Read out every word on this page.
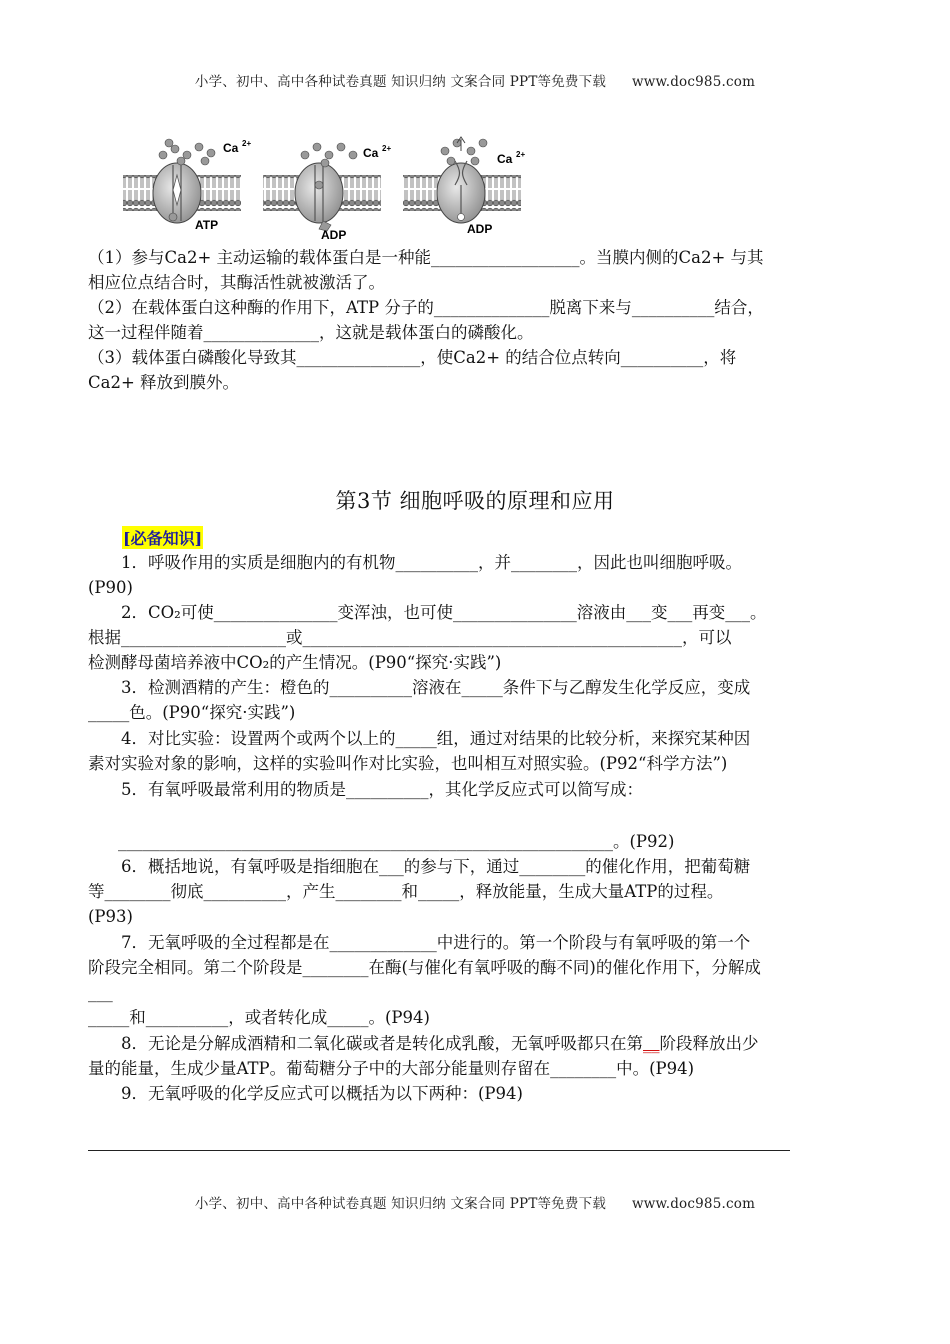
小学、初中、高中各种试卷真题 知识归纳 文案合同 PPT等免费下载 www.doc985.com
Ca 2+
ATP
Ca 2+
ADP
Ca 2+
ADP
（1）参与Ca2+ 主动运输的载体蛋白是一种能__________________。当膜内侧的Ca2+ 与其
相应位点结合时，其酶活性就被激活了。
（2）在载体蛋白这种酶的作用下，ATP 分子的______________脱离下来与__________结合，
这一过程伴随着______________，这就是载体蛋白的磷酸化。
（3）载体蛋白磷酸化导致其_______________，使Ca2+ 的结合位点转向__________，将
Ca2+ 释放到膜外。
第3节 细胞呼吸的原理和应用
[必备知识]
1．呼吸作用的实质是细胞内的有机物__________，并________，因此也叫细胞呼吸。
(P90)
2．CO₂可使_______________变浑浊，也可使_______________溶液由___变___再变___。
根据____________________或______________________________________________，可以
检测酵母菌培养液中CO₂的产生情况。(P90“探究·实践”)
3．检测酒精的产生：橙色的__________溶液在_____条件下与乙醇发生化学反应，变成
_____色。(P90“探究·实践”)
4．对比实验：设置两个或两个以上的_____组，通过对结果的比较分析，来探究某种因
素对实验对象的影响，这样的实验叫作对比实验，也叫相互对照实验。(P92“科学方法”)
5．有氧呼吸最常利用的物质是__________，其化学反应式可以简写成：
____________________________________________________________。(P92)
6．概括地说，有氧呼吸是指细胞在___的参与下，通过________的催化作用，把葡萄糖
等________彻底__________，产生________和_____，释放能量，生成大量ATP的过程。
(P93)
7．无氧呼吸的全过程都是在_____________中进行的。第一个阶段与有氧呼吸的第一个
阶段完全相同。第二个阶段是________在酶(与催化有氧呼吸的酶不同)的催化作用下，分解成
___
_____和__________，或者转化成_____。(P94)
8．无论是分解成酒精和二氧化碳或者是转化成乳酸，无氧呼吸都只在第__阶段释放出少
量的能量，生成少量ATP。葡萄糖分子中的大部分能量则存留在________中。(P94)
9．无氧呼吸的化学反应式可以概括为以下两种：(P94)
小学、初中、高中各种试卷真题 知识归纳 文案合同 PPT等免费下载 www.doc985.com
